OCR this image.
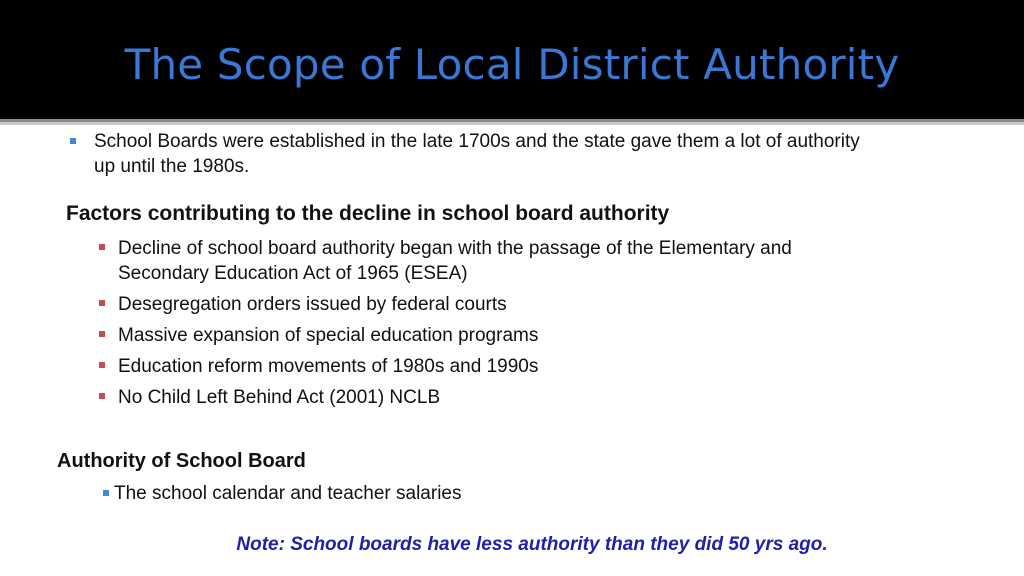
The Scope of Local District Authority
School Boards were established in the late 1700s and the state gave them a lot of authority
up until the 1980s.
Factors contributing to the decline in school board authority
Decline of school board authority began with the passage of the Elementary and
Secondary Education Act of 1965 (ESEA)
Desegregation orders issued by federal courts
Massive expansion of special education programs
Education reform movements of 1980s and 1990s
No Child Left Behind Act (2001) NCLB
Authority of School Board
The school calendar and teacher salaries
Note: School boards have less authority than they did 50 yrs ago.
